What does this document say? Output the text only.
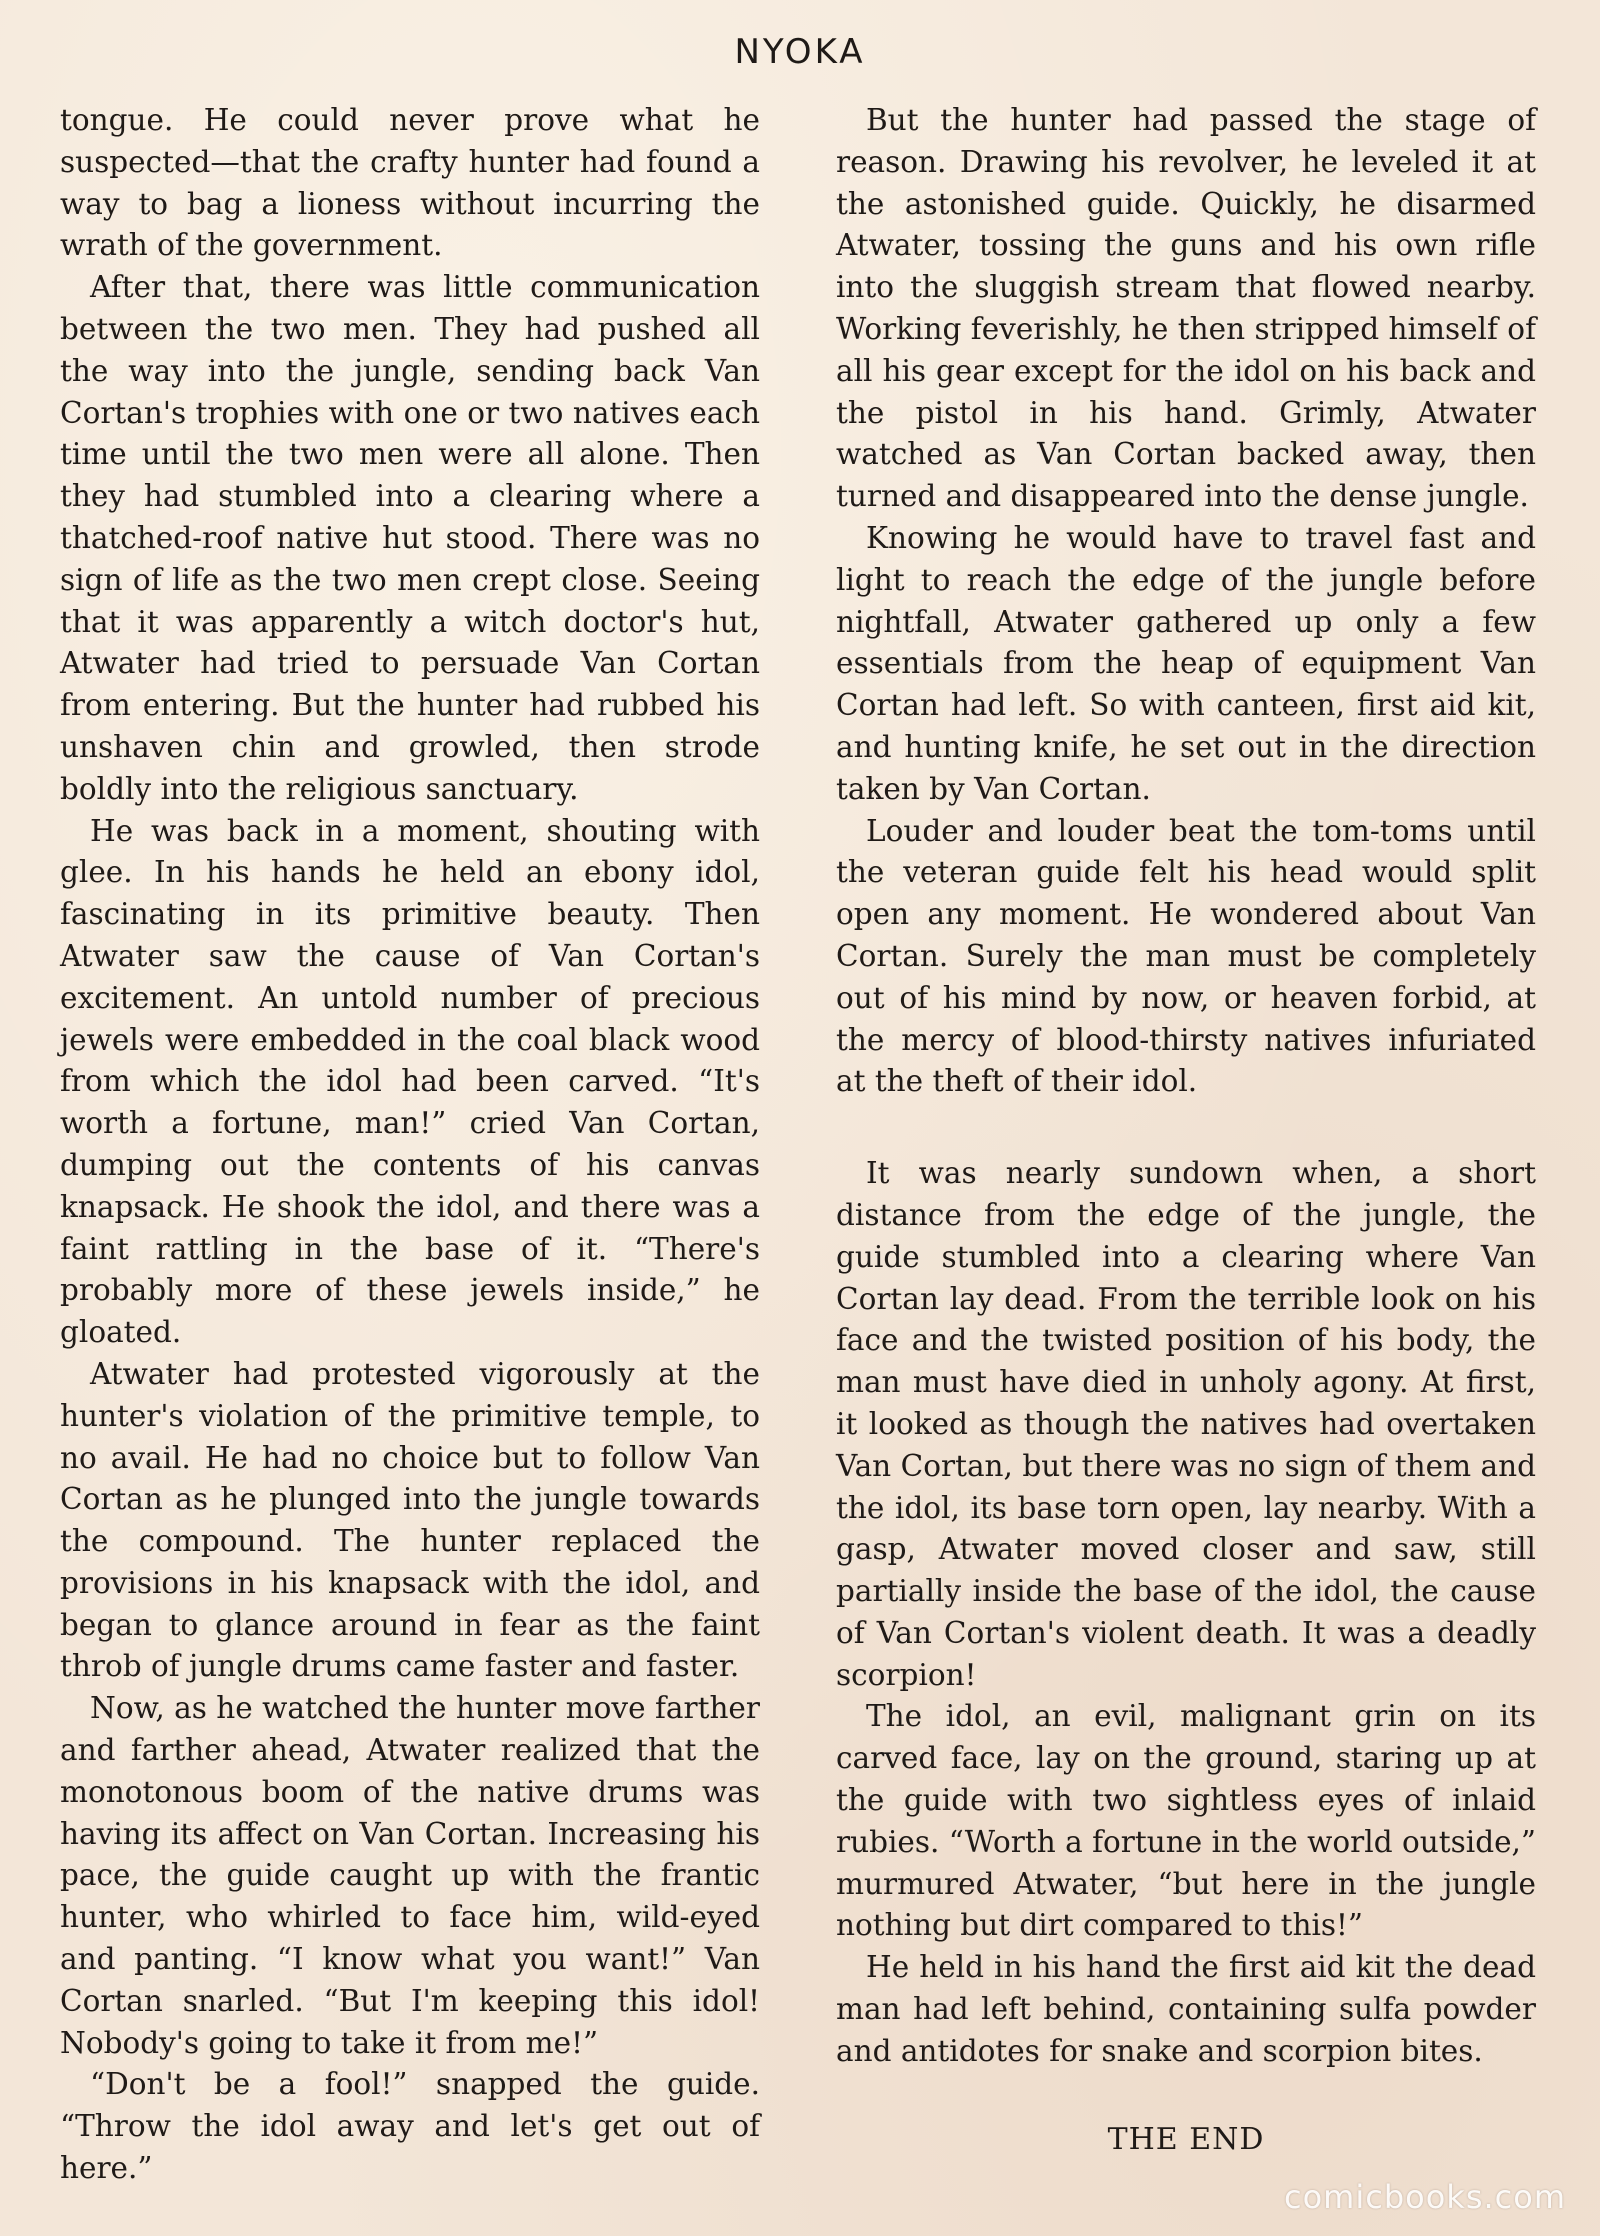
NYOKA

tongue. He could never prove what he suspected—that the crafty hunter had found a way to bag a lioness without incurring the wrath of the government.

After that, there was little communication between the two men. They had pushed all the way into the jungle, sending back Van Cortan's trophies with one or two natives each time until the two men were all alone. Then they had stumbled into a clearing where a thatched-roof native hut stood. There was no sign of life as the two men crept close. Seeing that it was apparently a witch doctor's hut, Atwater had tried to persuade Van Cortan from entering. But the hunter had rubbed his unshaven chin and growled, then strode boldly into the religious sanctuary.

He was back in a moment, shouting with glee. In his hands he held an ebony idol, fascinating in its primitive beauty. Then Atwater saw the cause of Van Cortan's excitement. An untold number of precious jewels were embedded in the coal black wood from which the idol had been carved. “It's worth a fortune, man!” cried Van Cortan, dumping out the contents of his canvas knapsack. He shook the idol, and there was a faint rattling in the base of it. “There's probably more of these jewels inside,” he gloated.

Atwater had protested vigorously at the hunter's violation of the primitive temple, to no avail. He had no choice but to follow Van Cortan as he plunged into the jungle towards the compound. The hunter replaced the provisions in his knapsack with the idol, and began to glance around in fear as the faint throb of jungle drums came faster and faster.

Now, as he watched the hunter move farther and farther ahead, Atwater realized that the monotonous boom of the native drums was having its affect on Van Cortan. Increasing his pace, the guide caught up with the frantic hunter, who whirled to face him, wild-eyed and panting. “I know what you want!” Van Cortan snarled. “But I'm keeping this idol! Nobody's going to take it from me!”

“Don't be a fool!” snapped the guide. “Throw the idol away and let's get out of here.”

But the hunter had passed the stage of reason. Drawing his revolver, he leveled it at the astonished guide. Quickly, he disarmed Atwater, tossing the guns and his own rifle into the sluggish stream that flowed nearby. Working feverishly, he then stripped himself of all his gear except for the idol on his back and the pistol in his hand. Grimly, Atwater watched as Van Cortan backed away, then turned and disappeared into the dense jungle.

Knowing he would have to travel fast and light to reach the edge of the jungle before nightfall, Atwater gathered up only a few essentials from the heap of equipment Van Cortan had left. So with canteen, first aid kit, and hunting knife, he set out in the direction taken by Van Cortan.

Louder and louder beat the tom-toms until the veteran guide felt his head would split open any moment. He wondered about Van Cortan. Surely the man must be completely out of his mind by now, or heaven forbid, at the mercy of blood-thirsty natives infuriated at the theft of their idol.

It was nearly sundown when, a short distance from the edge of the jungle, the guide stumbled into a clearing where Van Cortan lay dead. From the terrible look on his face and the twisted position of his body, the man must have died in unholy agony. At first, it looked as though the natives had overtaken Van Cortan, but there was no sign of them and the idol, its base torn open, lay nearby. With a gasp, Atwater moved closer and saw, still partially inside the base of the idol, the cause of Van Cortan's violent death. It was a deadly scorpion!

The idol, an evil, malignant grin on its carved face, lay on the ground, staring up at the guide with two sightless eyes of inlaid rubies. “Worth a fortune in the world outside,” murmured Atwater, “but here in the jungle nothing but dirt compared to this!”

He held in his hand the first aid kit the dead man had left behind, containing sulfa powder and antidotes for snake and scorpion bites.

THE END
comicbooks.com
